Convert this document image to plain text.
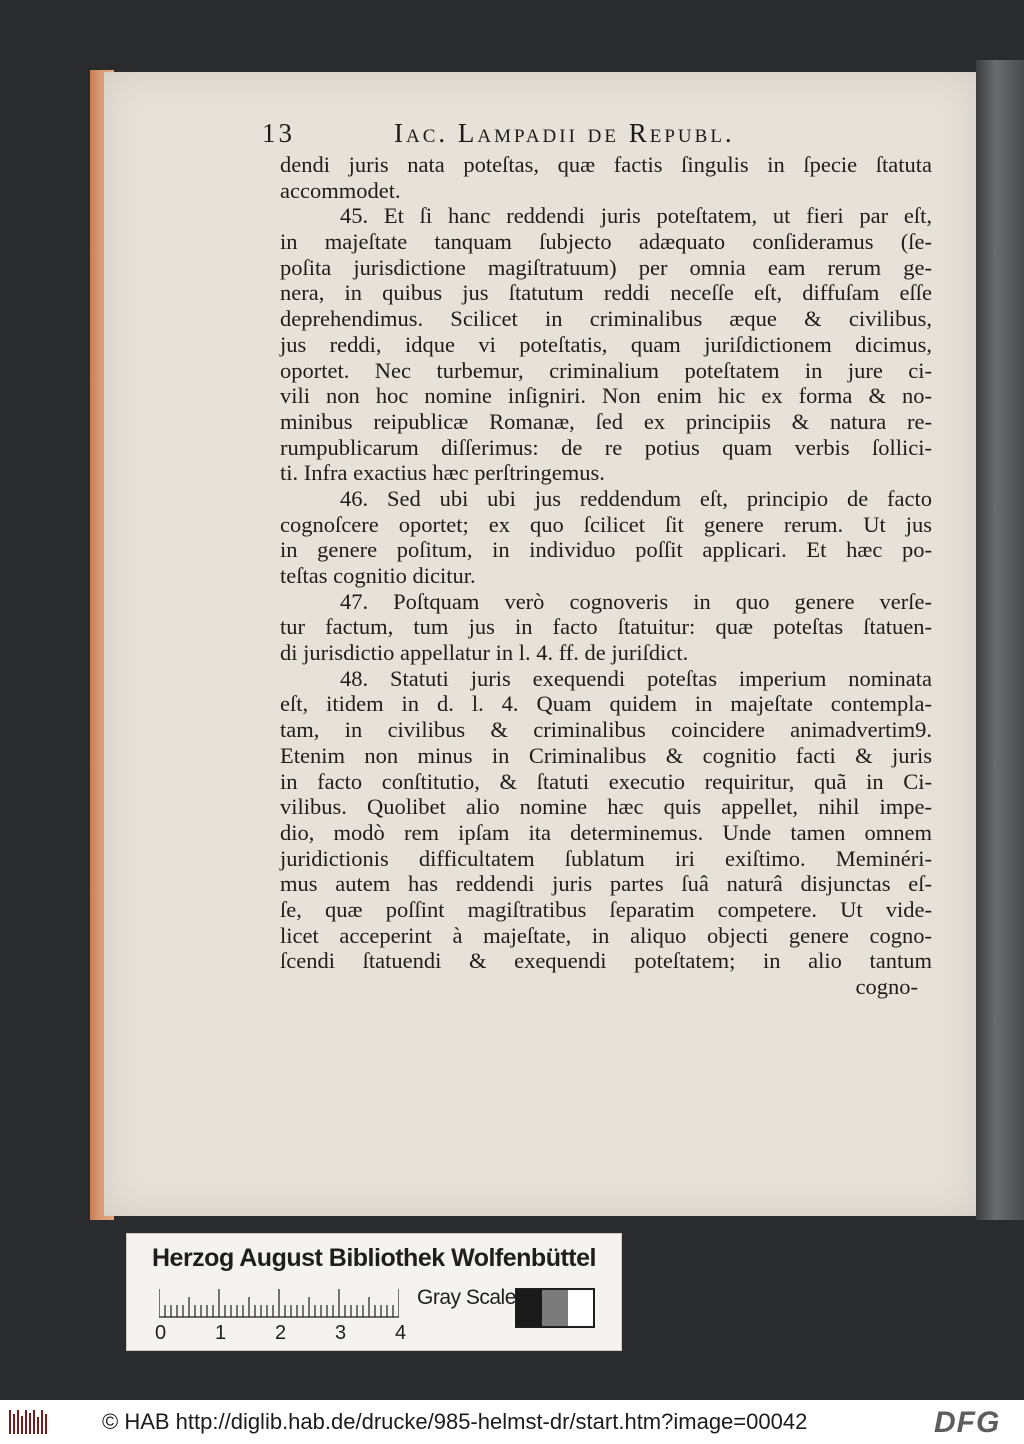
13	Iac. Lampadii de Republ.
dendi juris nata poteſtas, quæ factis ſingulis in ſpecie ſtatuta
accommodet.
45. Et ſi hanc reddendi juris poteſtatem, ut fieri par eſt,
in majeſtate tanquam ſubjecto adæquato conſideramus (ſe-
poſita jurisdictione magiſtratuum) per omnia eam rerum ge-
nera, in quibus jus ſtatutum reddi neceſſe eſt, diffuſam eſſe
deprehendimus. Scilicet in criminalibus æque & civilibus,
jus reddi, idque vi poteſtatis, quam juriſdictionem dicimus,
oportet. Nec turbemur, criminalium poteſtatem in jure ci-
vili non hoc nomine inſigniri. Non enim hic ex forma & no-
minibus reipublicæ Romanæ, ſed ex principiis & natura re-
rumpublicarum diſſerimus: de re potius quam verbis ſollici-
ti. Infra exactius hæc perſtringemus.
46. Sed ubi ubi jus reddendum eſt, principio de facto
cognoſcere oportet; ex quo ſcilicet ſit genere rerum. Ut jus
in genere poſitum, in individuo poſſit applicari. Et hæc po-
teſtas cognitio dicitur.
47. Poſtquam verò cognoveris in quo genere verſe-
tur factum, tum jus in facto ſtatuitur: quæ poteſtas ſtatuen-
di jurisdictio appellatur in l. 4. ff. de juriſdict.
48. Statuti juris exequendi poteſtas imperium nominata
eſt, itidem in d. l. 4. Quam quidem in majeſtate contempla-
tam, in civilibus & criminalibus coincidere animadvertim9.
Etenim non minus in Criminalibus & cognitio facti & juris
in facto conſtitutio, & ſtatuti executio requiritur, quã in Ci-
vilibus. Quolibet alio nomine hæc quis appellet, nihil impe-
dio, modò rem ipſam ita determinemus. Unde tamen omnem
juridictionis difficultatem ſublatum iri exiſtimo. Meminéri-
mus autem has reddendi juris partes ſuâ naturâ disjunctas eſ-
ſe, quæ poſſint magiſtratibus ſeparatim competere. Ut vide-
licet acceperint à majeſtate, in aliquo objecti genere cogno-
ſcendi ſtatuendi & exequendi poteſtatem; in alio tantum
cogno-
Herzog August Bibliothek Wolfenbüttel
0 1 2 3 4
Gray Scale
© HAB http://diglib.hab.de/drucke/985-helmst-dr/start.htm?image=00042	DFG
